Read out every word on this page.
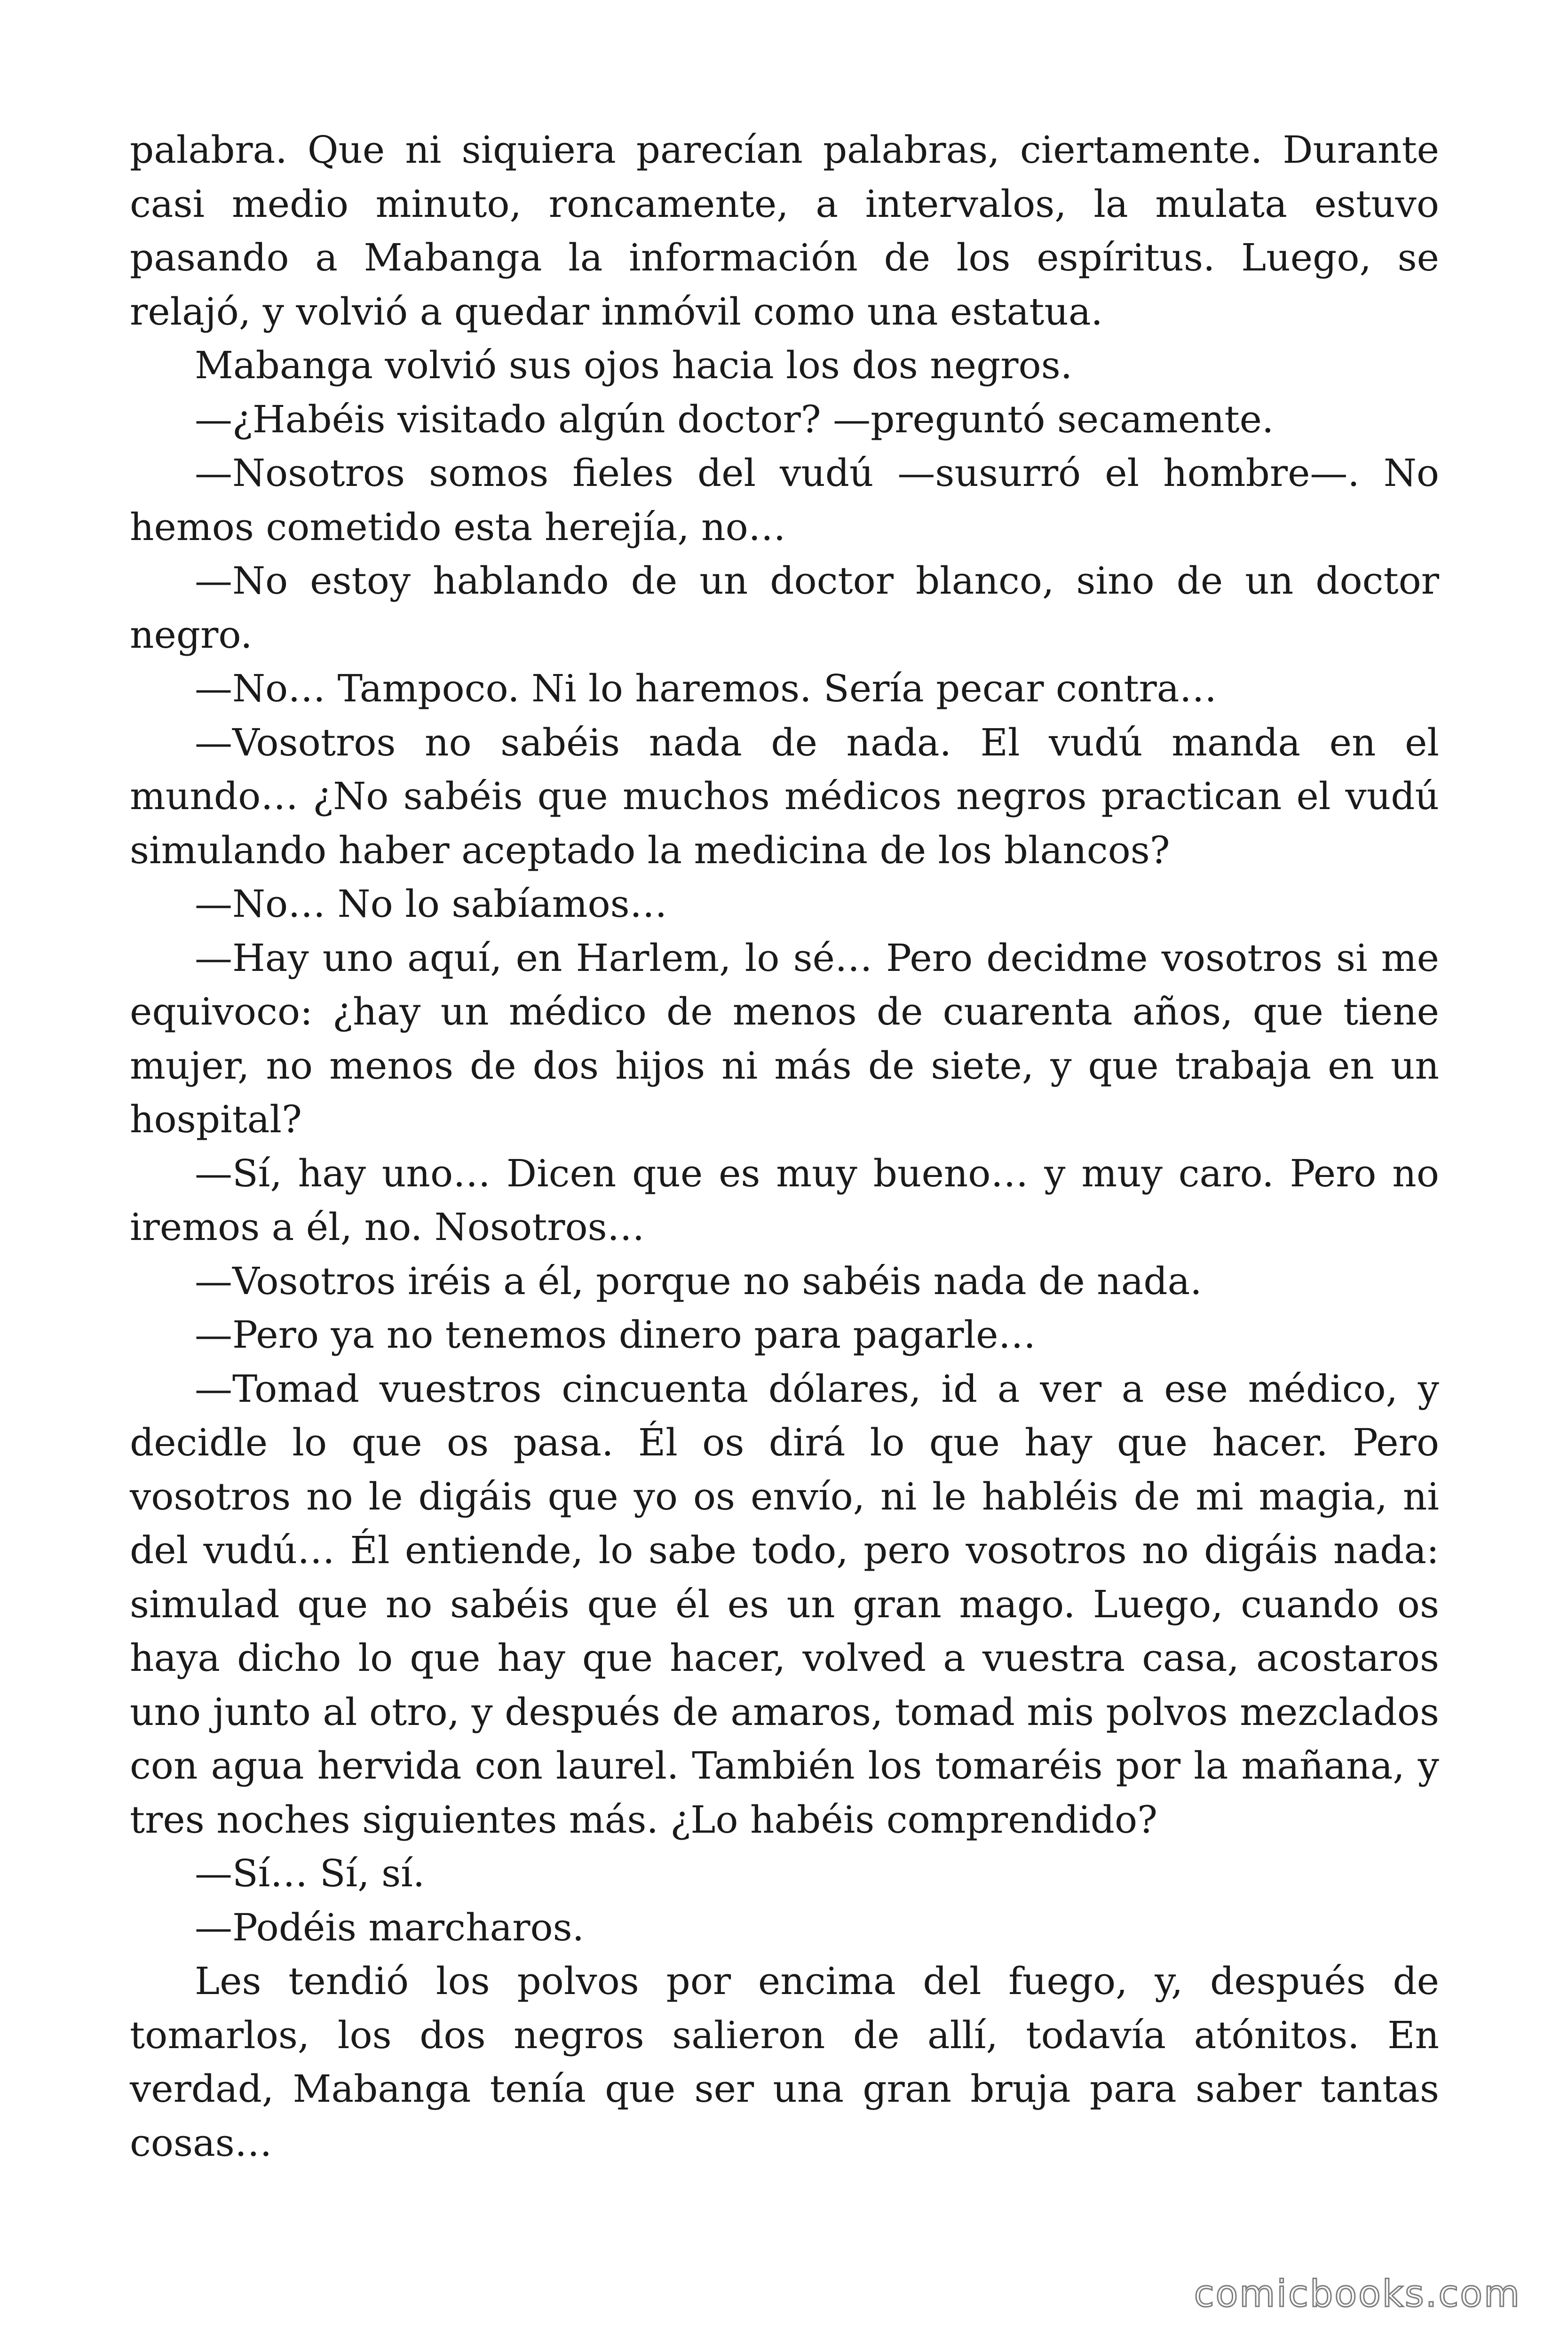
palabra. Que ni siquiera parecían palabras, ciertamente. Durante casi medio minuto, roncamente, a intervalos, la mulata estuvo pasando a Mabanga la información de los espíritus. Luego, se relajó, y volvió a quedar inmóvil como una estatua.

Mabanga volvió sus ojos hacia los dos negros.

—¿Habéis visitado algún doctor? —preguntó secamente.

—Nosotros somos fieles del vudú —susurró el hombre—. No hemos cometido esta herejía, no…

—No estoy hablando de un doctor blanco, sino de un doctor negro.

—No… Tampoco. Ni lo haremos. Sería pecar contra…

—Vosotros no sabéis nada de nada. El vudú manda en el mundo… ¿No sabéis que muchos médicos negros practican el vudú simulando haber aceptado la medicina de los blancos?

—No… No lo sabíamos…

—Hay uno aquí, en Harlem, lo sé… Pero decidme vosotros si me equivoco: ¿hay un médico de menos de cuarenta años, que tiene mujer, no menos de dos hijos ni más de siete, y que trabaja en un hospital?

—Sí, hay uno… Dicen que es muy bueno… y muy caro. Pero no iremos a él, no. Nosotros…

—Vosotros iréis a él, porque no sabéis nada de nada.

—Pero ya no tenemos dinero para pagarle…

—Tomad vuestros cincuenta dólares, id a ver a ese médico, y decidle lo que os pasa. Él os dirá lo que hay que hacer. Pero vosotros no le digáis que yo os envío, ni le habléis de mi magia, ni del vudú… Él entiende, lo sabe todo, pero vosotros no digáis nada: simulad que no sabéis que él es un gran mago. Luego, cuando os haya dicho lo que hay que hacer, volved a vuestra casa, acostaros uno junto al otro, y después de amaros, tomad mis polvos mezclados con agua hervida con laurel. También los tomaréis por la mañana, y tres noches siguientes más. ¿Lo habéis comprendido?

—Sí… Sí, sí.

—Podéis marcharos.

Les tendió los polvos por encima del fuego, y, después de tomarlos, los dos negros salieron de allí, todavía atónitos. En verdad, Mabanga tenía que ser una gran bruja para saber tantas cosas…

comicbooks.com
